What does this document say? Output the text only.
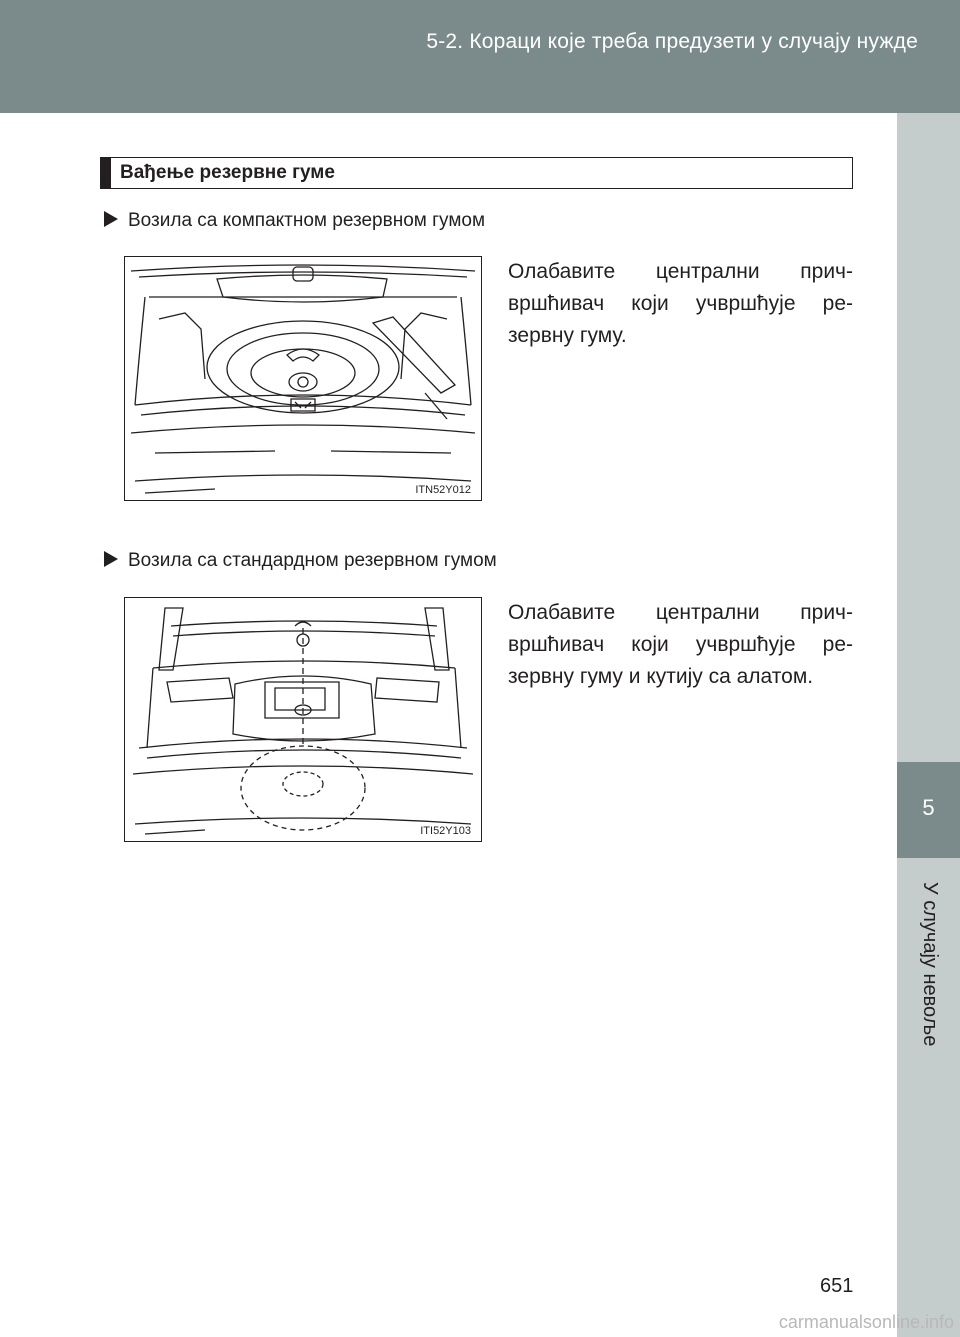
5-2. Кораци које треба предузети у случају нужде
5
У случају невоље
Вађење резервне гуме
Возила са компактном резервном гумом
ITN52Y012
Олабавите централни прич-вршћивач који учвршћује ре-зервну гуму.
Возила са стандардном резервном гумом
ITI52Y103
Олабавите централни прич-вршћивач који учвршћује ре-зервну гуму и кутију са алатом.
651
carmanualsonline.info
